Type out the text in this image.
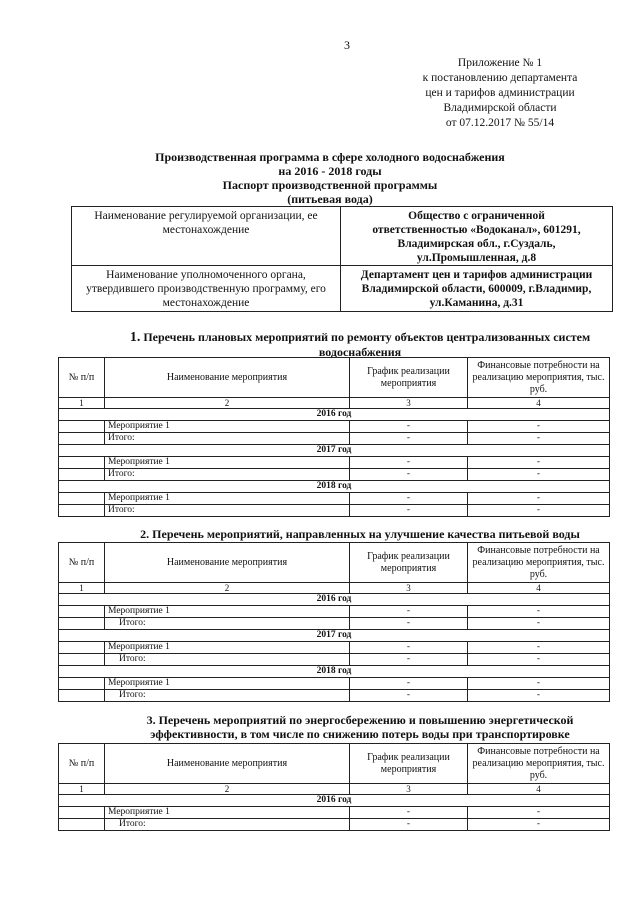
3
Приложение № 1
к постановлению департамента
цен и тарифов администрации
Владимирской области
от 07.12.2017 № 55/14
Производственная программа в сфере холодного водоснабжения
на 2016 - 2018 годы
Паспорт производственной программы
(питьевая вода)
Наименование регулируемой организации, ее местонахождение	Общество с ограниченной ответственностью «Водоканал», 601291, Владимирская обл., г.Суздаль, ул.Промышленная, д.8
Наименование уполномоченного органа, утвердившего производственную программу, его местонахождение	Департамент цен и тарифов администрации Владимирской области, 600009, г.Владимир, ул.Каманина, д.31
1. Перечень плановых мероприятий по ремонту объектов централизованных систем
водоснабжения
№ п/п	Наименование мероприятия	График реализации мероприятия	Финансовые потребности на реализацию мероприятия, тыс. руб.
1	2	3	4
2016 год			
	Мероприятие 1	-	-
	Итого:	-	-
2017 год			
	Мероприятие 1	-	-
	Итого:	-	-
2018 год			
	Мероприятие 1	-	-
	Итого:	-	-
2. Перечень мероприятий, направленных на улучшение качества питьевой воды
№ п/п	Наименование мероприятия	График реализации мероприятия	Финансовые потребности на реализацию мероприятия, тыс. руб.
1	2	3	4
2016 год			
	Мероприятие 1	-	-
	Итого:	-	-
2017 год			
	Мероприятие 1	-	-
	Итого:	-	-
2018 год			
	Мероприятие 1	-	-
	Итого:	-	-
3. Перечень мероприятий по энергосбережению и повышению энергетической
эффективности, в том числе по снижению потерь воды при транспортировке
№ п/п	Наименование мероприятия	График реализации мероприятия	Финансовые потребности на реализацию мероприятия, тыс. руб.
1	2	3	4
2016 год			
	Мероприятие 1	-	-
	Итого:	-	-
